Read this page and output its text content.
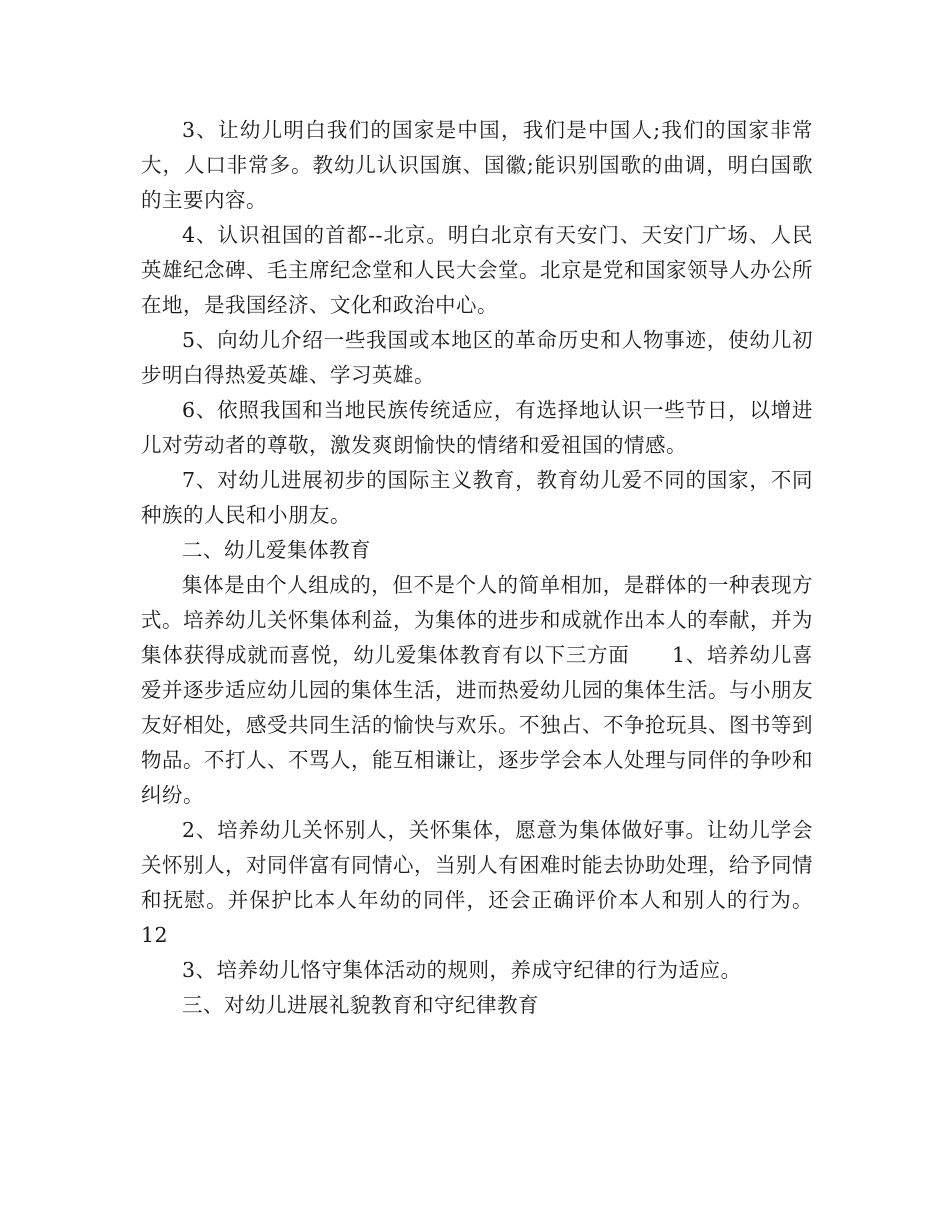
3、让幼儿明白我们的国家是中国，我们是中国人;我们的国家非常大，人口非常多。教幼儿认识国旗、国徽;能识别国歌的曲调，明白国歌的主要内容。

4、认识祖国的首都--北京。明白北京有天安门、天安门广场、人民英雄纪念碑、毛主席纪念堂和人民大会堂。北京是党和国家领导人办公所在地，是我国经济、文化和政治中心。

5、向幼儿介绍一些我国或本地区的革命历史和人物事迹，使幼儿初步明白得热爱英雄、学习英雄。

6、依照我国和当地民族传统适应，有选择地认识一些节日，以增进儿对劳动者的尊敬，激发爽朗愉快的情绪和爱祖国的情感。

7、对幼儿进展初步的国际主义教育，教育幼儿爱不同的国家，不同种族的人民和小朋友。

二、幼儿爱集体教育

集体是由个人组成的，但不是个人的简单相加，是群体的一种表现方式。培养幼儿关怀集体利益，为集体的进步和成就作出本人的奉献，并为集体获得成就而喜悦，幼儿爱集体教育有以下三方面　　1、培养幼儿喜爱并逐步适应幼儿园的集体生活，进而热爱幼儿园的集体生活。与小朋友友好相处，感受共同生活的愉快与欢乐。不独占、不争抢玩具、图书等到物品。不打人、不骂人，能互相谦让，逐步学会本人处理与同伴的争吵和纠纷。

2、培养幼儿关怀别人，关怀集体，愿意为集体做好事。让幼儿学会关怀别人，对同伴富有同情心，当别人有困难时能去协助处理，给予同情和抚慰。并保护比本人年幼的同伴，还会正确评价本人和别人的行为。12

3、培养幼儿恪守集体活动的规则，养成守纪律的行为适应。

三、对幼儿进展礼貌教育和守纪律教育
